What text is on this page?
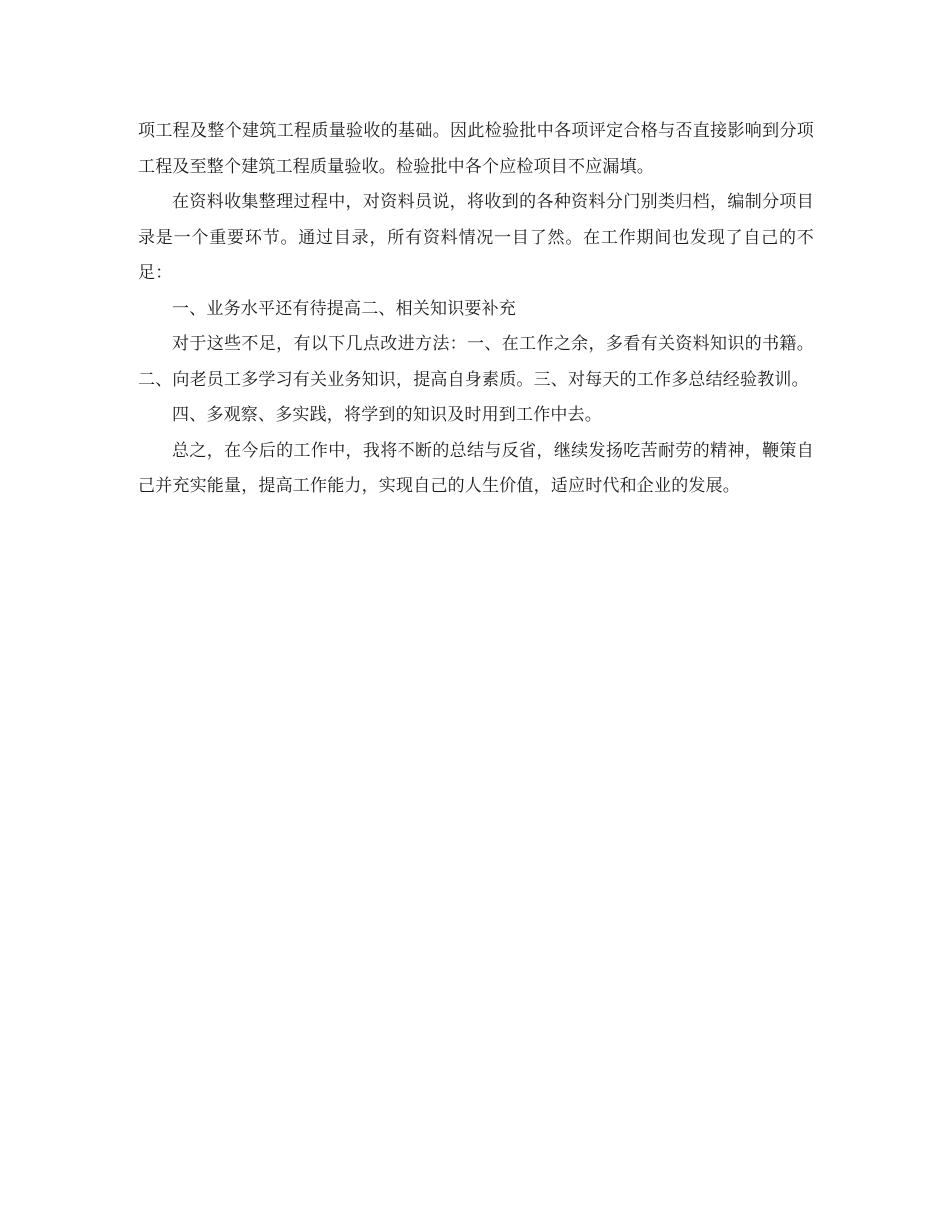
项工程及整个建筑工程质量验收的基础。因此检验批中各项评定合格与否直接影响到分项工程及至整个建筑工程质量验收。检验批中各个应检项目不应漏填。

在资料收集整理过程中，对资料员说，将收到的各种资料分门别类归档，编制分项目录是一个重要环节。通过目录，所有资料情况一目了然。在工作期间也发现了自己的不足：

一、业务水平还有待提高二、相关知识要补充

对于这些不足，有以下几点改进方法：一、在工作之余，多看有关资料知识的书籍。二、向老员工多学习有关业务知识，提高自身素质。三、对每天的工作多总结经验教训。

四、多观察、多实践，将学到的知识及时用到工作中去。

总之，在今后的工作中，我将不断的总结与反省，继续发扬吃苦耐劳的精神，鞭策自己并充实能量，提高工作能力，实现自己的人生价值，适应时代和企业的发展。
